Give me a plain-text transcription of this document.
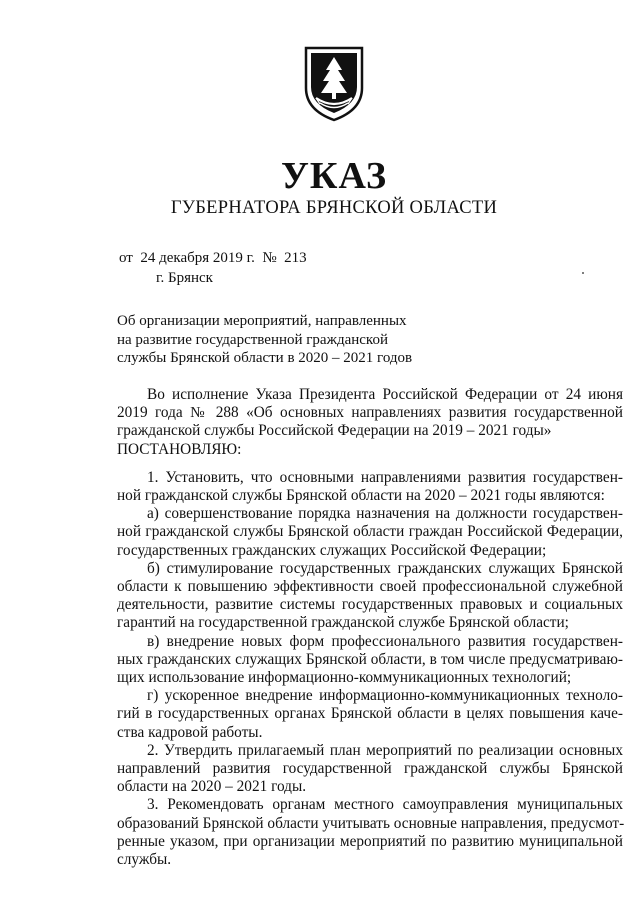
УКАЗ
ГУБЕРНАТОРА БРЯНСКОЙ ОБЛАСТИ
от  24 декабря 2019 г.  №  213
г. Брянск
Об организации мероприятий, направленных
на развитие государственной гражданской
службы Брянской области в 2020 – 2021 годов
Во исполнение Указа Президента Российской Федерации от 24 июня
2019 года № 288 «Об основных направлениях развития государственной
гражданской службы Российской Федерации на 2019 – 2021 годы»
ПОСТАНОВЛЯЮ:
1. Установить, что основными направлениями развития государствен-
ной гражданской службы Брянской области на 2020 – 2021 годы являются:
а) совершенствование порядка назначения на должности государствен-
ной гражданской службы Брянской области граждан Российской Федерации,
государственных гражданских служащих Российской Федерации;
б) стимулирование государственных гражданских служащих Брянской
области к повышению эффективности своей профессиональной служебной
деятельности, развитие системы государственных правовых и социальных
гарантий на государственной гражданской службе Брянской области;
в) внедрение новых форм профессионального развития государствен-
ных гражданских служащих Брянской области, в том числе предусматриваю-
щих использование информационно-коммуникационных технологий;
г) ускоренное внедрение информационно-коммуникационных техноло-
гий в государственных органах Брянской области в целях повышения каче-
ства кадровой работы.
2. Утвердить прилагаемый план мероприятий по реализации основных
направлений развития государственной гражданской службы Брянской
области на 2020 – 2021 годы.
3. Рекомендовать органам местного самоуправления муниципальных
образований Брянской области учитывать основные направления, предусмот-
ренные указом, при организации мероприятий по развитию муниципальной
службы.
